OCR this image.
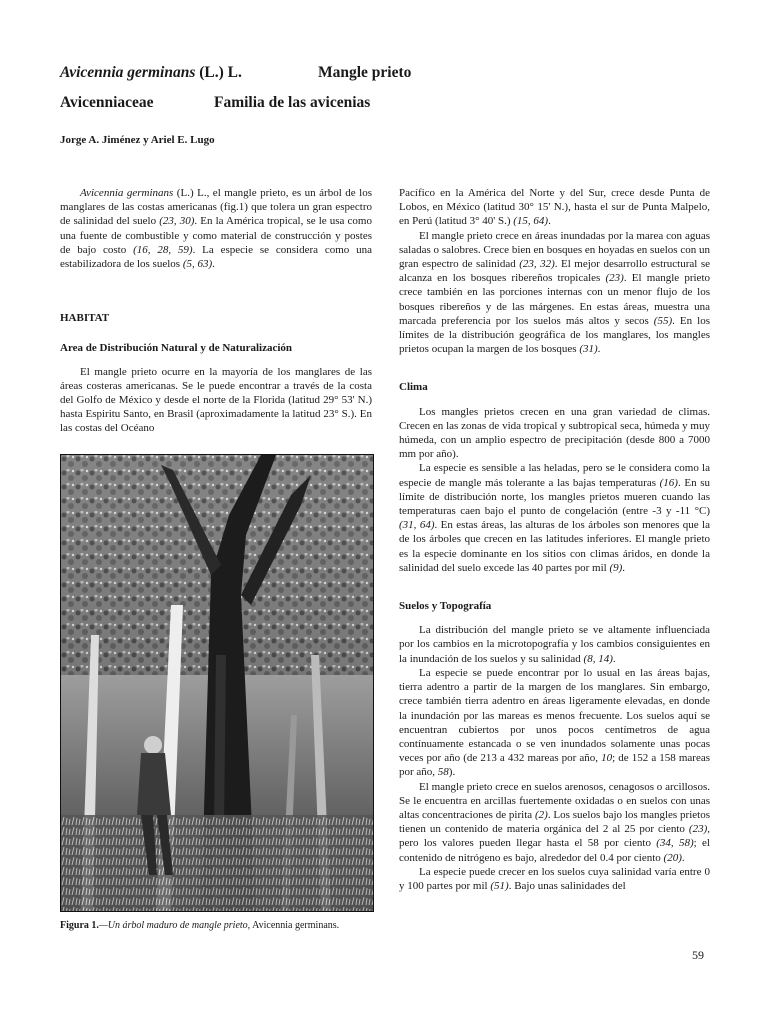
Avicennia germinans (L.) L.	Mangle prieto
Avicenniaceae	Familia de las avicenias
Jorge A. Jiménez y Ariel E. Lugo

Avicennia germinans (L.) L., el mangle prieto, es un árbol de los manglares de las costas americanas (fig.1) que tolera un gran espectro de salinidad del suelo (23, 30). En la América tropical, se le usa como una fuente de combustible y como material de construcción y postes de bajo costo (16, 28, 59). La especie se considera como una estabilizadora de los suelos (5, 63).

HABITAT

Area de Distribución Natural y de Naturalización

El mangle prieto ocurre en la mayoría de los manglares de las áreas costeras americanas. Se le puede encontrar a través de la costa del Golfo de México y desde el norte de la Florida (latitud 29° 53' N.) hasta Espiritu Santo, en Brasil (aproximadamente la latitud 23° S.). En las costas del Océano

Figura 1.—Un árbol maduro de mangle prieto, Avicennia germinans.

Pacífico en la América del Norte y del Sur, crece desde Punta de Lobos, en México (latitud 30° 15' N.), hasta el sur de Punta Malpelo, en Perú (latitud 3° 40' S.) (15, 64).

El mangle prieto crece en áreas inundadas por la marea con aguas saladas o salobres. Crece bien en bosques en hoyadas en suelos con un gran espectro de salinidad (23, 32). El mejor desarrollo estructural se alcanza en los bosques ribereños tropicales (23). El mangle prieto crece también en las porciones internas con un menor flujo de los bosques ribereños y de las márgenes. En estas áreas, muestra una marcada preferencia por los suelos más altos y secos (55). En los límites de la distribución geográfica de los manglares, los mangles prietos ocupan la margen de los bosques (31).

Clima

Los mangles prietos crecen en una gran variedad de climas. Crecen en las zonas de vida tropical y subtropical seca, húmeda y muy húmeda, con un amplio espectro de precipitación (desde 800 a 7000 mm por año).

La especie es sensible a las heladas, pero se le considera como la especie de mangle más tolerante a las bajas temperaturas (16). En su límite de distribución norte, los mangles prietos mueren cuando las temperaturas caen bajo el punto de congelación (entre -3 y -11 °C) (31, 64). En estas áreas, las alturas de los árboles son menores que la de los árboles que crecen en las latitudes inferiores. El mangle prieto es la especie dominante en los sitios con climas áridos, en donde la salinidad del suelo excede las 40 partes por mil (9).

Suelos y Topografía

La distribución del mangle prieto se ve altamente influenciada por los cambios en la microtopografía y los cambios consiguientes en la inundación de los suelos y su salinidad (8, 14).

La especie se puede encontrar por lo usual en las áreas bajas, tierra adentro a partir de la margen de los manglares. Sin embargo, crece también tierra adentro en áreas ligeramente elevadas, en donde la inundación por las mareas es menos frecuente. Los suelos aquí se encuentran cubiertos por unos pocos centímetros de agua contínuamente estancada o se ven inundados solamente unas pocas veces por año (de 213 a 432 mareas por año, 10; de 152 a 158 mareas por año, 58).

El mangle prieto crece en suelos arenosos, cenagosos o arcillosos. Se le encuentra en arcillas fuertemente oxidadas o en suelos con unas altas concentraciones de pirita (2). Los suelos bajo los mangles prietos tienen un contenido de materia orgánica del 2 al 25 por ciento (23), pero los valores pueden llegar hasta el 58 por ciento (34, 58); el contenido de nitrógeno es bajo, alrededor del 0.4 por ciento (20).

La especie puede crecer en los suelos cuya salinidad varía entre 0 y 100 partes por mil (51). Bajo unas salinidades del

59
